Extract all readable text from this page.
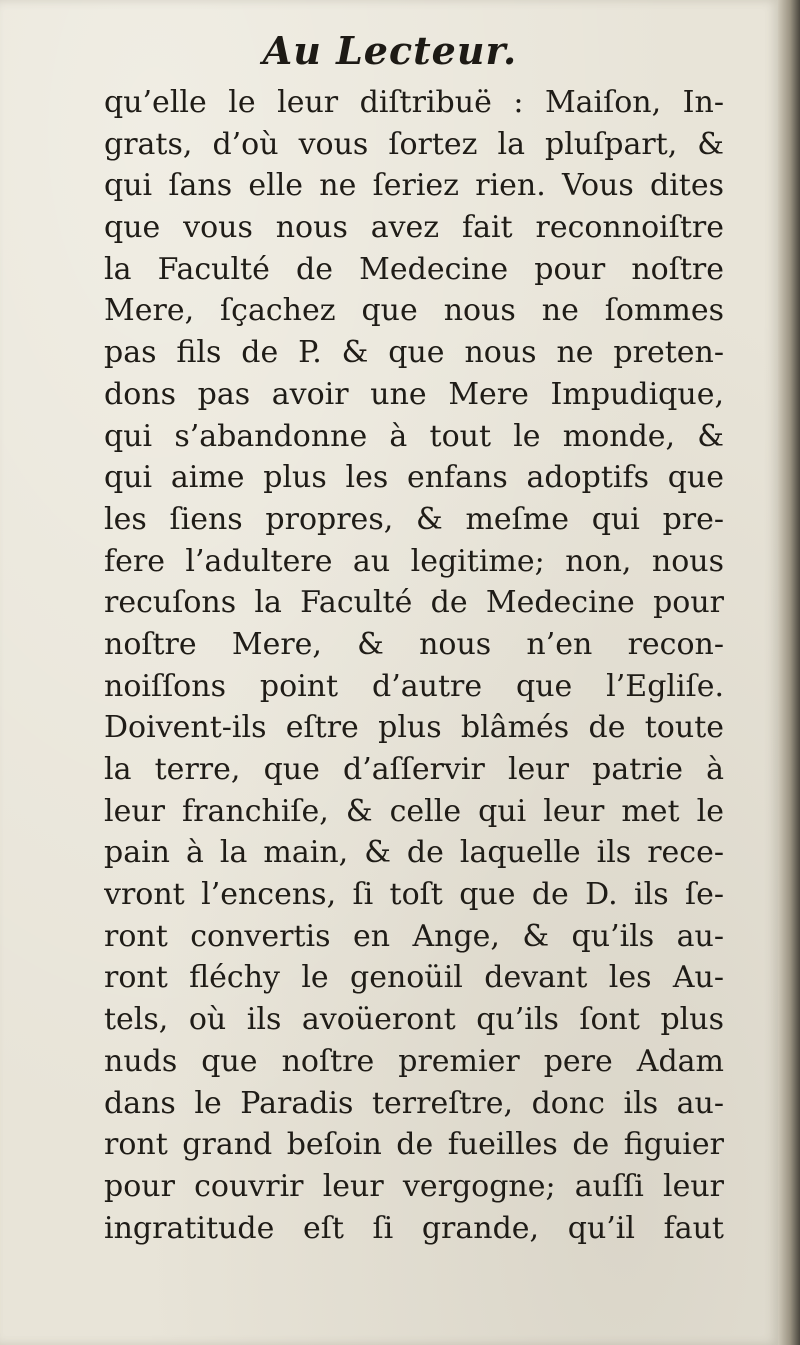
Au Lecteur.
qu’elle le leur diſtribuë : Maiſon, In-
grats, d’où vous ſortez la pluſpart, &
qui ſans elle ne ſeriez rien. Vous dites
que vous nous avez fait reconnoiſtre
la Faculté de Medecine pour noſtre
Mere, ſçachez que nous ne ſommes
pas fils de P. & que nous ne preten-
dons pas avoir une Mere Impudique,
qui s’abandonne à tout le monde, &
qui aime plus les enfans adoptifs que
les ſiens propres, & meſme qui pre-
fere l’adultere au legitime; non, nous
recuſons la Faculté de Medecine pour
noſtre Mere, & nous n’en recon-
noiſſons point d’autre que l’Egliſe.
Doivent-ils eſtre plus blâmés de toute
la terre, que d’aſſervir leur patrie à
leur franchiſe, & celle qui leur met le
pain à la main, & de laquelle ils rece-
vront l’encens, ſi toſt que de D. ils ſe-
ront convertis en Ange, & qu’ils au-
ront fléchy le genoüil devant les Au-
tels, où ils avoüeront qu’ils ſont plus
nuds que noſtre premier pere Adam
dans le Paradis terreſtre, donc ils au-
ront grand beſoin de fueilles de figuier
pour couvrir leur vergogne; auſſi leur
ingratitude eſt ſi grande, qu’il faut
